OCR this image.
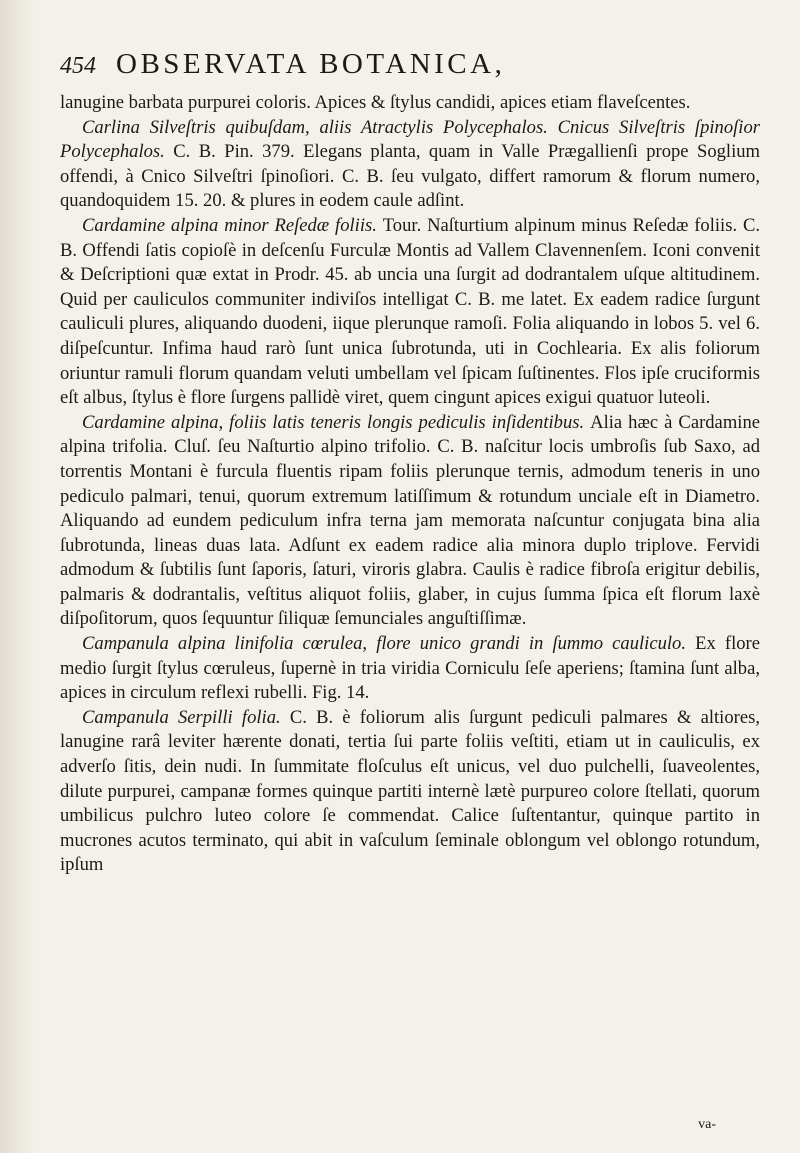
454 OBSERVATA BOTANICA,

lanugine barbata purpurei coloris. Apices & ſtylus candidi, apices etiam flaveſcentes.

Carlina Silveſtris quibuſdam, aliis Atractylis Polycephalos. Cnicus Silveſtris ſpinoſior Polycephalos. C. B. Pin. 379. Elegans planta, quam in Valle Prægallienſi prope Soglium offendi, à Cnico Silveſtri ſpinoſiori. C. B. ſeu vulgato, differt ramorum & florum numero, quandoquidem 15. 20. & plures in eodem caule adſint.

Cardamine alpina minor Reſedæ foliis. Tour. Naſturtium alpinum minus Reſedæ foliis. C. B. Offendi ſatis copioſè in deſcenſu Furculæ Montis ad Vallem Clavennenſem. Iconi convenit & Deſcriptioni quæ extat in Prodr. 45. ab uncia una ſurgit ad dodrantalem uſque altitudinem. Quid per cauliculos communiter indiviſos intelligat C. B. me latet. Ex eadem radice ſurgunt cauliculi plures, aliquando duodeni, iique plerunque ramoſi. Folia aliquando in lobos 5. vel 6. diſpeſcuntur. Infima haud rarò ſunt unica ſubrotunda, uti in Cochlearia. Ex alis foliorum oriuntur ramuli florum quandam veluti umbellam vel ſpicam ſuſtinentes. Flos ipſe cruciformis eſt albus, ſtylus è flore ſurgens pallidè viret, quem cingunt apices exigui quatuor luteoli.

Cardamine alpina, foliis latis teneris longis pediculis inſidentibus. Alia hæc à Cardamine alpina trifolia. Cluſ. ſeu Naſturtio alpino trifolio. C. B. naſcitur locis umbroſis ſub Saxo, ad torrentis Montani è furcula fluentis ripam foliis plerunque ternis, admodum teneris in uno pediculo palmari, tenui, quorum extremum latiſſimum & rotundum unciale eſt in Diametro. Aliquando ad eundem pediculum infra terna jam memorata naſcuntur conjugata bina alia ſubrotunda, lineas duas lata. Adſunt ex eadem radice alia minora duplo triplove. Fervidi admodum & ſubtilis ſunt ſaporis, ſaturi, viroris glabra. Caulis è radice fibroſa erigitur debilis, palmaris & dodrantalis, veſtitus aliquot foliis, glaber, in cujus ſumma ſpica eſt florum laxè diſpoſitorum, quos ſequuntur ſiliquæ ſemunciales anguſtiſſimæ.

Campanula alpina linifolia cœrulea, flore unico grandi in ſummo cauliculo. Ex flore medio ſurgit ſtylus cœruleus, ſupernè in tria viridia Corniculu ſeſe aperiens; ſtamina ſunt alba, apices in circulum reflexi rubelli. Fig. 14.

Campanula Serpilli folia. C. B. è foliorum alis ſurgunt pediculi palmares & altiores, lanugine rarâ leviter hærente donati, tertia ſui parte foliis veſtiti, etiam ut in cauliculis, ex adverſo ſitis, dein nudi. In ſummitate floſculus eſt unicus, vel duo pulchelli, ſuaveolentes, dilute purpurei, campanæ formes quinque partiti internè lætè purpureo colore ſtellati, quorum umbilicus pulchro luteo colore ſe commendat. Calice ſuſtentantur, quinque partito in mucrones acutos terminato, qui abit in vaſculum ſeminale oblongum vel oblongo rotundum, ipſum

va-
